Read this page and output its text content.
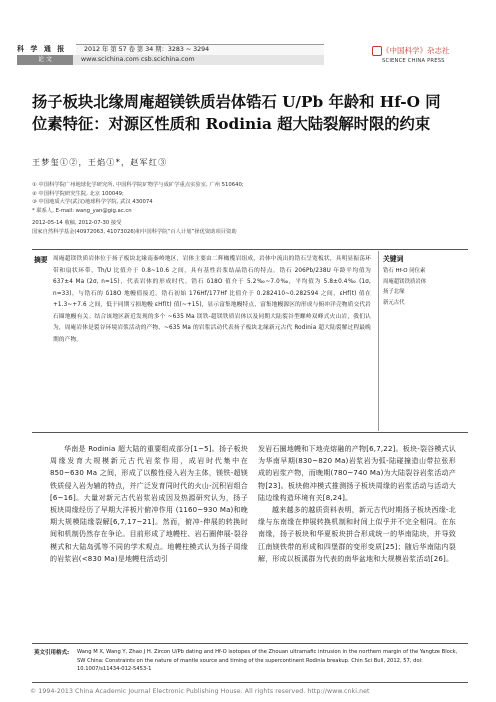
科 学 通 报	2012 年 第 57 卷 第 34 期：3283 ~ 3294
论 文	www.scichina.com csb.scichina.com
《中国科学》杂志社
SCIENCE CHINA PRESS
扬子板块北缘周庵超镁铁质岩体锆石 U/Pb 年龄和 Hf-O 同位素特征：对源区性质和 Rodinia 超大陆裂解时限的约束
王梦玺①②，王焰①*，赵军红③
① 中国科学院广州地球化学研究所, 中国科学院矿物学与成矿学重点实验室, 广州 510640;
② 中国科学院研究生院, 北京 100049;
③ 中国地质大学(武汉)地球科学学院, 武汉 430074
* 联系人, E-mail: wang_yan@gig.ac.cn
2012-05-14 收稿, 2012-07-30 接受
国家自然科学基金(40972063, 41073026)和中国科学院“百人计划”择优资助项目资助
摘要 周庵超镁铁质岩体位于扬子板块北缘南秦岭地区，岩体主要由二辉橄榄岩组成，岩体中流出的锆石呈宽板状，具明显振荡环带和扇状环带，Th/U 比值介于 0.8~10.6 之间，具有基性岩浆结晶锆石的特点。锆石 206Pb/238U 年龄平均值为 637±4 Ma (2σ, n=15)，代表岩体的形成时代。锆石 δ18O 值介于 5.2‰~7.0‰，平均值为 5.8±0.4‰ (1σ, n=33)，与锆石的 δ18O 地幔值接近。锆石初始 176Hf/177Hf 比值介于 0.282410~0.282594 之间，εHf(t) 值在 +1.3~+7.6 之间，低于同期亏损地幔 εHf(t) 值(~+15)，显示富集地幔特点，富集地幔源区的形成与俯冲洋壳物质交代岩石圈地幔有关。结合该地区新近发现的多个 ~635 Ma 镁铁-超镁铁质岩体以及同期大陆裂谷型螺岭双峰式火山岩，我们认为，周庵岩体是裂谷环境岩浆活动的产物，~635 Ma 的岩浆活动代表扬子板块北缘新元古代 Rodinia 超大陆裂解过程最晚期的产物。
关键词
锆石 Hf-O 同位素
周庵超镁铁质岩体
扬子北缘
新元古代

华南是 Rodinia 超大陆的重要组成部分[1~5]。扬子板块周缘发育大规模新元古代岩浆作用，成岩时代集中在 850~630 Ma 之间，形成了以酸性侵入岩为主体，镁铁-超镁铁质侵入岩为辅的特点，并广泛发育同时代的火山-沉积岩组合[6~16]。大量对新元古代岩浆岩成因及热源研究认为，扬子板块周缘经历了早期大洋板片俯冲作用 (1160~930 Ma)和晚期大规模陆缘裂解[6,7,17~21]。然而，俯冲-伸展的转换时间和机制仍然存在争论。目前形成了地幔柱、岩石圈伸展-裂谷模式和大陆岛弧等不同的学术观点。地幔柱模式认为扬子周缘的岩浆岩(<830 Ma)是地幔柱活动引

发岩石圈地幔和下地壳熔融的产物[6,7,22]。板块-裂谷模式认为华南早期(830~820 Ma)岩浆岩为弧-陆碰撞造山带拉张形成的岩浆产物，而晚期(780~740 Ma)为大陆裂谷岩浆活动产物[23]。板块俯冲模式推测扬子板块周缘的岩浆活动与活动大陆边缘构造环境有关[8,24]。

越来越多的越质资料表明，新元古代时期扬子板块西缘-北缘与东南缘在伸展转换机制和时间上似乎并不完全相同。在东南缘，扬子板块和华夏板块拼合形成统一的华南陆块，并导致江南镁铁带的形成和四堡群的变形变质[25]；随后华南陆内裂解，形成以板溪群为代表的南华盆地和大规模岩浆活动[26]。

英文引用格式: Wang M X, Wang Y, Zhao J H. Zircon U/Pb dating and Hf-O isotopes of the Zhouan ultramafic intrusion in the northern margin of the Yangtze Block, SW China: Constraints on the nature of mantle source and timing of the supercontinent Rodinia breakup. Chin Sci Bull, 2012, 57, doi: 10.1007/s11434-012-5453-1
© 1994-2013 China Academic Journal Electronic Publishing House. All rights reserved. http://www.cnki.net
